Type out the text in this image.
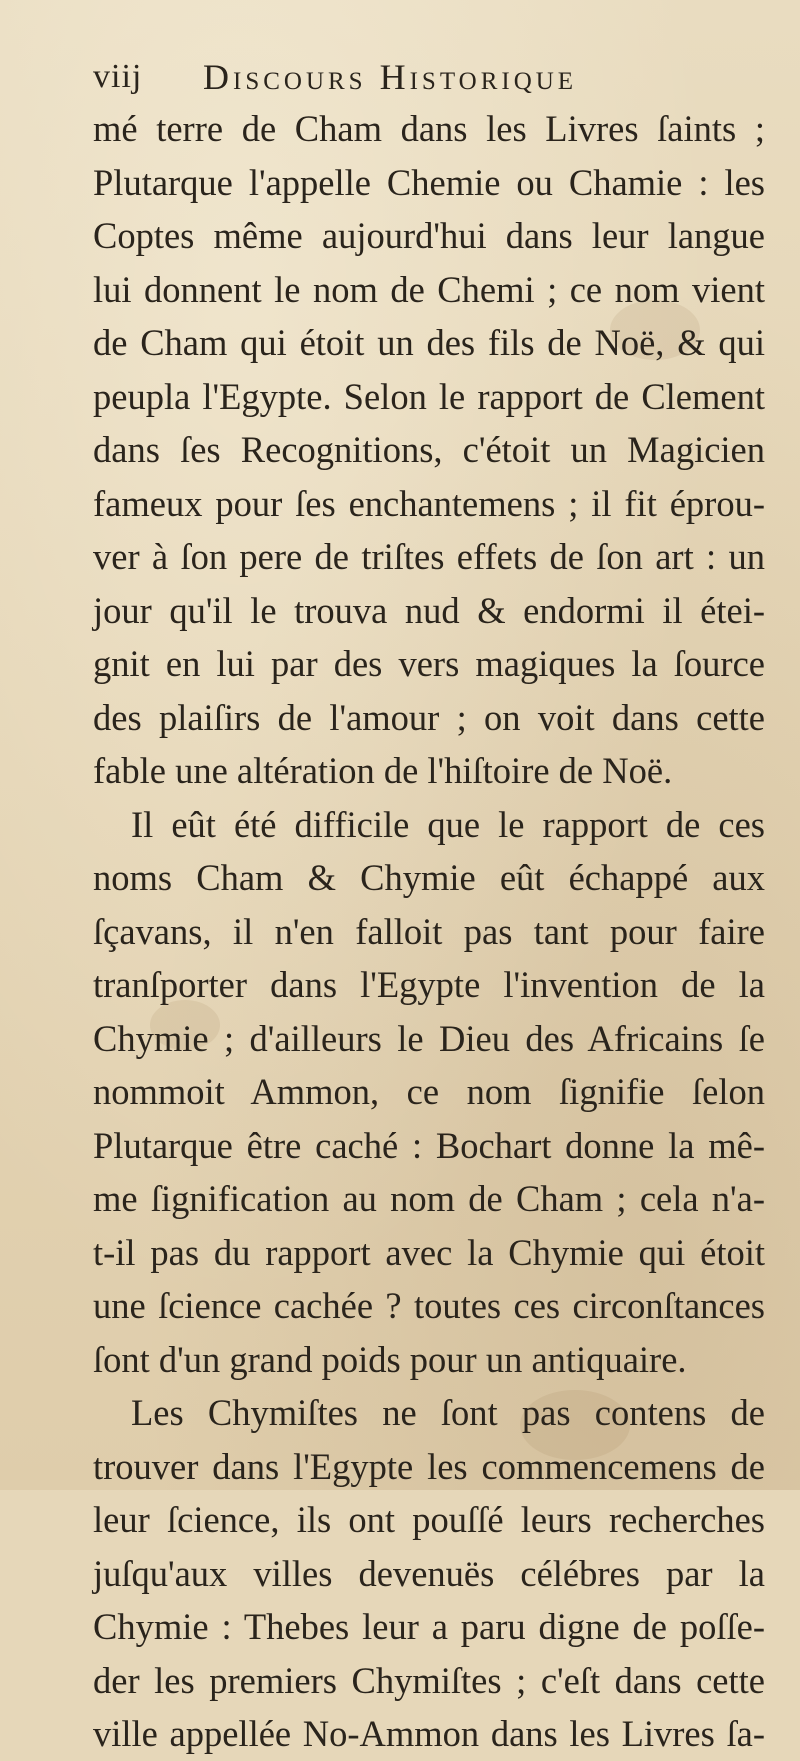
viij Discours Historique
mé terre de Cham dans les Livres ſaints ;
Plutarque l'appelle Chemie ou Chamie : les
Coptes même aujourd'hui dans leur langue
lui donnent le nom de Chemi ; ce nom vient
de Cham qui étoit un des fils de Noë, & qui
peupla l'Egypte. Selon le rapport de Clement
dans ſes Recognitions, c'étoit un Magicien
fameux pour ſes enchantemens ; il fit éprou-
ver à ſon pere de triſtes effets de ſon art : un
jour qu'il le trouva nud & endormi il étei-
gnit en lui par des vers magiques la ſource
des plaiſirs de l'amour ; on voit dans cette
fable une altération de l'hiſtoire de Noë.
Il eût été difficile que le rapport de ces
noms Cham & Chymie eût échappé aux
ſçavans, il n'en falloit pas tant pour faire
tranſporter dans l'Egypte l'invention de la
Chymie ; d'ailleurs le Dieu des Africains ſe
nommoit Ammon, ce nom ſignifie ſelon
Plutarque être caché : Bochart donne la mê-
me ſignification au nom de Cham ; cela n'a-
t-il pas du rapport avec la Chymie qui étoit
une ſcience cachée ? toutes ces circonſtances
ſont d'un grand poids pour un antiquaire.
Les Chymiſtes ne ſont pas contens de
trouver dans l'Egypte les commencemens de
leur ſcience, ils ont pouſſé leurs recherches
juſqu'aux villes devenuës célébres par la
Chymie : Thebes leur a paru digne de poſſe-
der les premiers Chymiſtes ; c'eſt dans cette
ville appellée No-Ammon dans les Livres ſa-
